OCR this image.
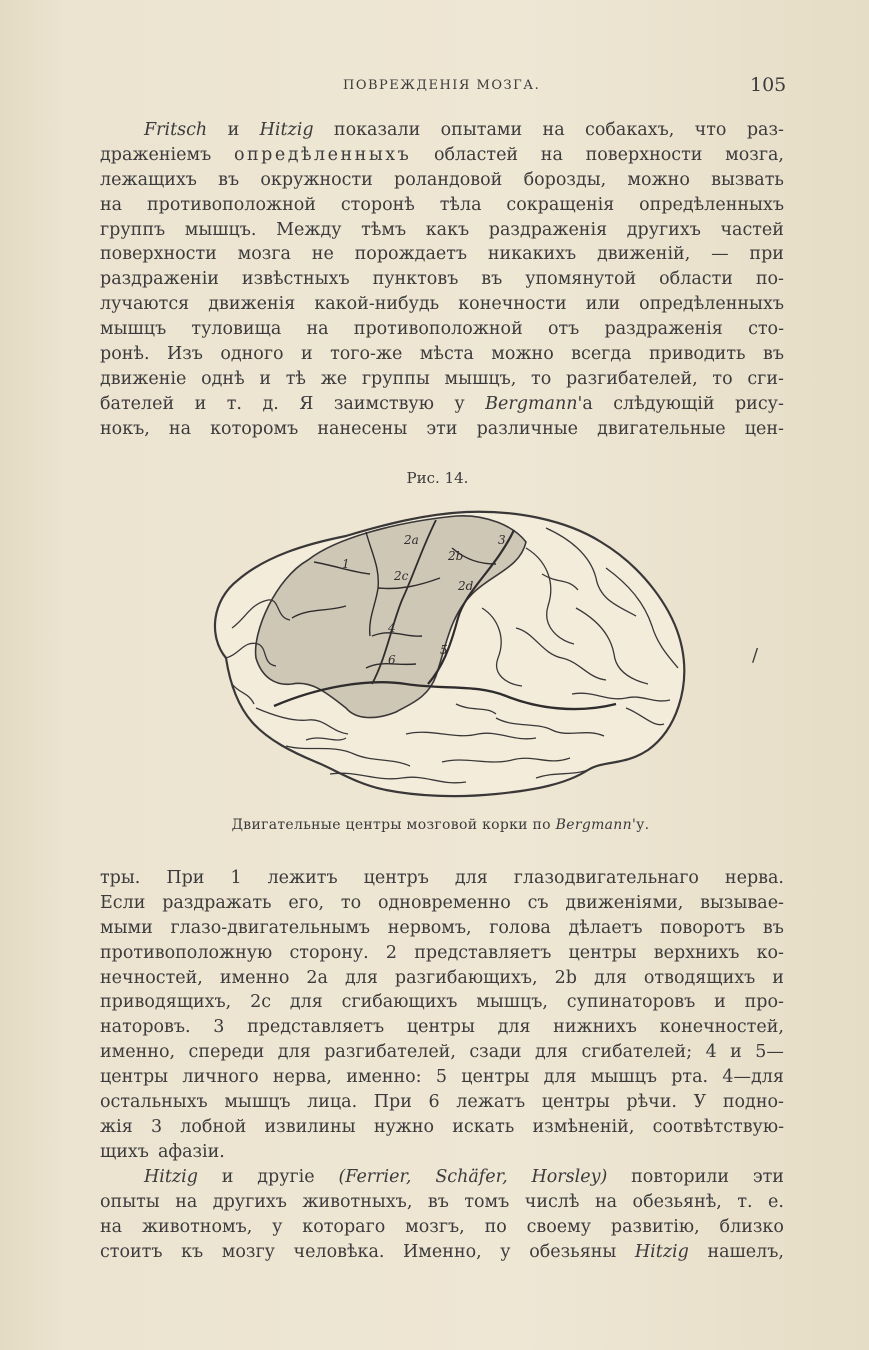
ПОВРЕЖДЕНІЯ МОЗГА.	105
Fritsch и Hitzig показали опытами на собакахъ, что раз-
драженіемъ опредѣленныхъ областей на поверхности мозга,
лежащихъ въ окружности роландовой борозды, можно вызвать
на противоположной сторонѣ тѣла сокращенія опредѣленныхъ
группъ мышцъ. Между тѣмъ какъ раздраженія другихъ частей
поверхности мозга не порождаетъ никакихъ движеній, — при
раздраженіи извѣстныхъ пунктовъ въ упомянутой области по-
лучаются движенія какой-нибудь конечности или опредѣленныхъ
мышцъ туловища на противоположной отъ раздраженія сто-
ронѣ. Изъ одного и того-же мѣста можно всегда приводить въ
движеніе однѣ и тѣ же группы мышцъ, то разгибателей, то сги-
бателей и т. д. Я заимствую у Bergmann'а слѣдующій рису-
нокъ, на которомъ нанесены эти различные двигательные цен-
Рис. 14.
2a
2b
3
1
2c
2d
4
5
6	/
Двигательные центры мозговой корки по Bergmann'у.
тры. При 1 лежитъ центръ для глазодвигательнаго нерва.
Если раздражать его, то одновременно съ движеніями, вызывае-
мыми глазо-двигательнымъ нервомъ, голова дѣлаетъ поворотъ въ
противоположную сторону. 2 представляетъ центры верхнихъ ко-
нечностей, именно 2а для разгибающихъ, 2b для отводящихъ и
приводящихъ, 2с для сгибающихъ мышцъ, супинаторовъ и про-
наторовъ. 3 представляетъ центры для нижнихъ конечностей,
именно, спереди для разгибателей, сзади для сгибателей; 4 и 5—
центры личного нерва, именно: 5 центры для мышцъ рта. 4—для
остальныхъ мышцъ лица. При 6 лежатъ центры рѣчи. У подно-
жія 3 лобной извилины нужно искать измѣненій, соотвѣтствую-
щихъ афазіи.
Hitzig и другіе (Ferrier, Schäfer, Horsley) повторили эти
опыты на другихъ животныхъ, въ томъ числѣ на обезьянѣ, т. е.
на животномъ, у котораго мозгъ, по своему развитію, близко
стоитъ къ мозгу человѣка. Именно, у обезьяны Hitzig нашелъ,
